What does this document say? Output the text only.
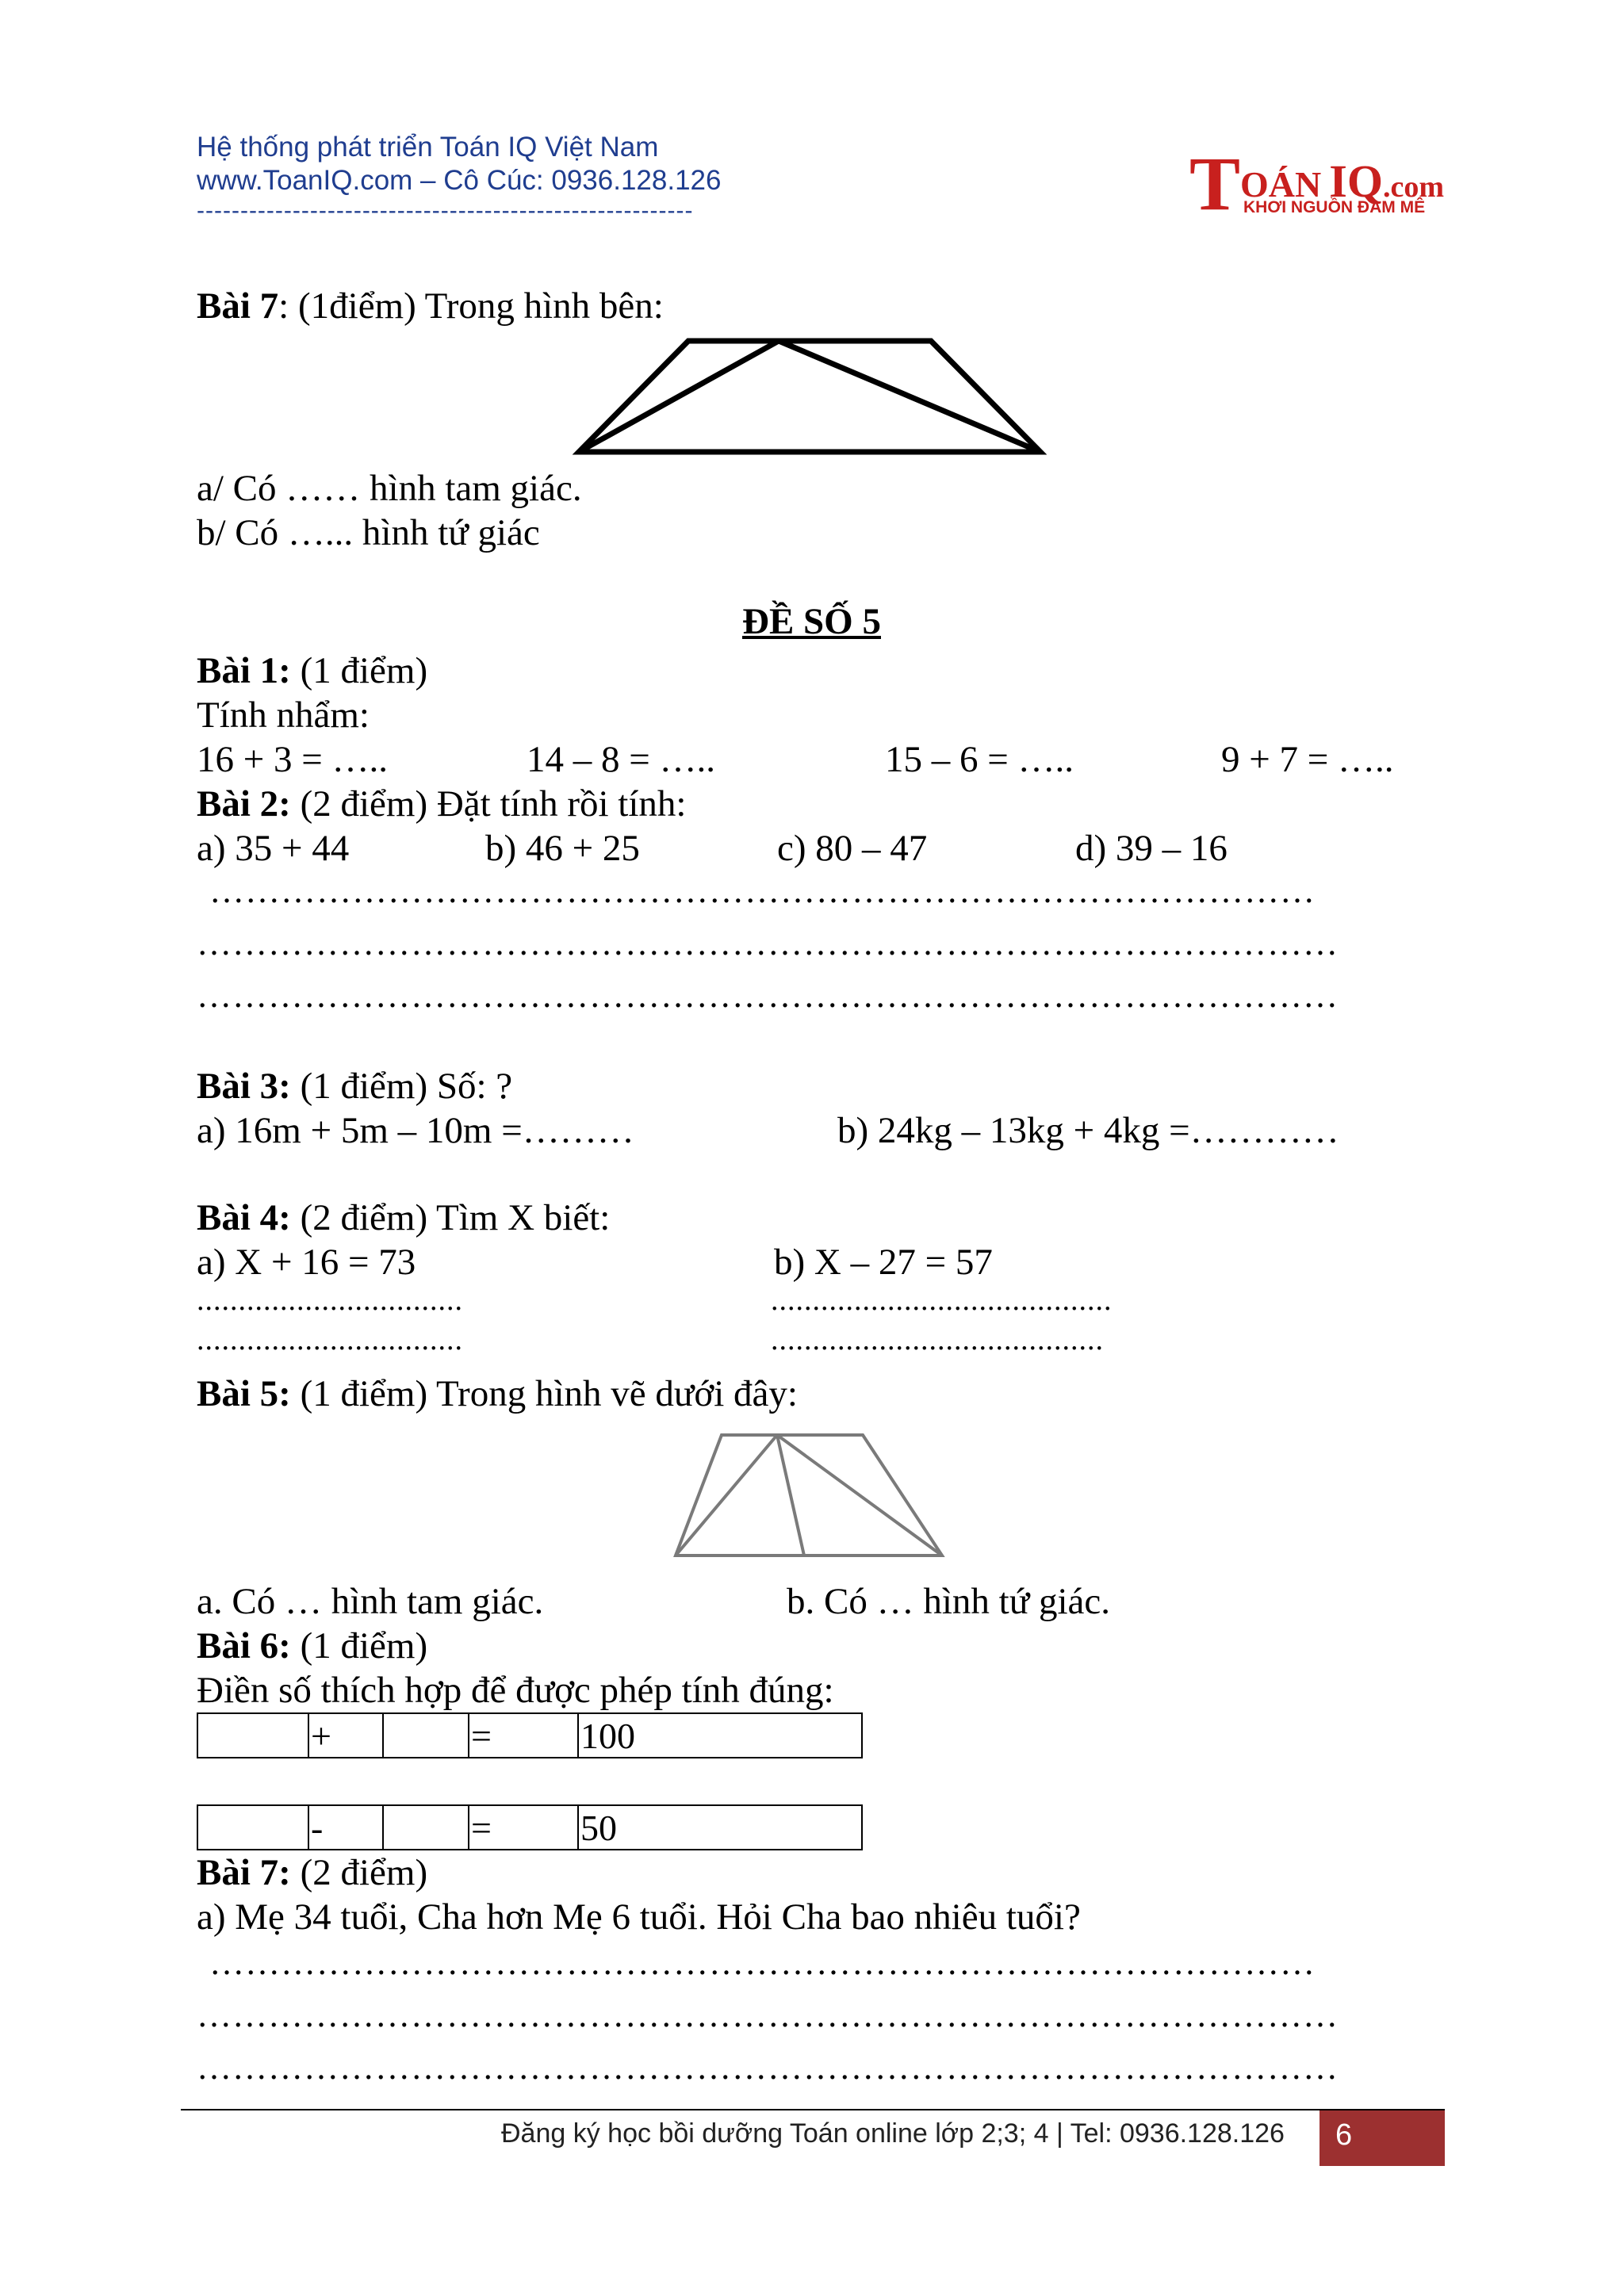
Hệ thống phát triển Toán IQ Việt Nam
www.ToanIQ.com – Cô Cúc: 0936.128.126
---------------------------------------------------------	TOÁN IQ.com
KHƠI NGUỒN ĐAM MÊ
Bài 7: (1điểm) Trong hình bên:
a/ Có …… hình tam giác.
b/ Có …... hình tứ giác
ĐỀ SỐ 5
Bài 1: (1 điểm)
Tính nhẩm:
16 + 3 = …..	14 – 8 = …..	15 – 6 = …..	9 + 7 = …..
Bài 2: (2 điểm) Đặt tính rồi tính:
a) 35 + 44	b) 46 + 25	c) 80 – 47	d) 39 – 16
…………………………………………………………………………………
……………………………………………………………………………………
……………………………………………………………………………………
Bài 3: (1 điểm) Số: ?
a) 16m + 5m – 10m =………	b) 24kg – 13kg + 4kg =…………
Bài 4: (2 điểm) Tìm X biết:
a) X + 16 = 73	b) X – 27 = 57
................................	.........................................
................................	........................................
Bài 5: (1 điểm) Trong hình vẽ dưới đây:
a. Có … hình tam giác.	b. Có … hình tứ giác.
Bài 6: (1 điểm)
Điền số thích hợp để được phép tính đúng:
	+		=	100
	-		=	50
Bài 7: (2 điểm)
a) Mẹ 34 tuổi, Cha hơn Mẹ 6 tuổi. Hỏi Cha bao nhiêu tuổi?
…………………………………………………………………………………
……………………………………………………………………………………
……………………………………………………………………………………
Đăng ký học bồi dưỡng Toán online lớp 2;3; 4 | Tel: 0936.128.126 6
